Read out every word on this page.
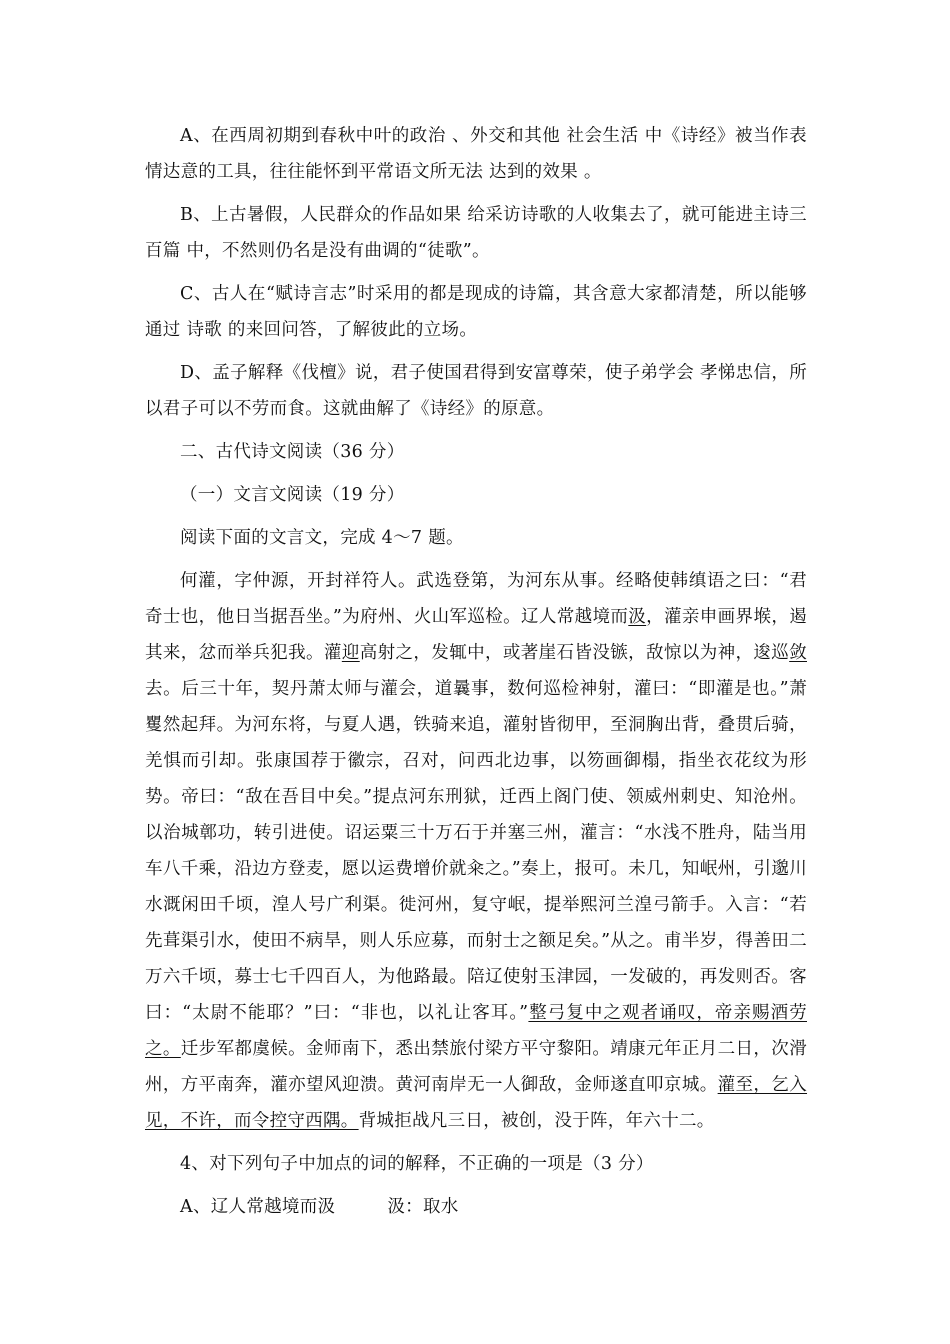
A、在西周初期到春秋中叶的政治 、外交和其他 社会生活 中《诗经》被当作表情达意的工具，往往能怀到平常语文所无法 达到的效果 。

B、上古暑假，人民群众的作品如果 给采访诗歌的人收集去了，就可能进主诗三百篇 中，不然则仍名是没有曲调的“徒歌”。

C、古人在“赋诗言志”时采用的都是现成的诗篇，其含意大家都清楚，所以能够通过 诗歌 的来回问答，了解彼此的立场。

D、孟子解释《伐檀》说，君子使国君得到安富尊荣，使子弟学会 孝悌忠信，所以君子可以不劳而食。这就曲解了《诗经》的原意。

二、古代诗文阅读（36 分）

（一）文言文阅读（19 分）

阅读下面的文言文，完成 4～7 题。

何灌，字仲源，开封祥符人。武选登第，为河东从事。经略使韩缜语之曰：“君奇士也，他日当据吾坐。”为府州、火山军巡检。辽人常越境而汲，灌亲申画界堠，遏其来，忿而举兵犯我。灌迎高射之，发辄中，或著崖石皆没镞，敌惊以为神，逡巡敛去。后三十年，契丹萧太师与灌会，道曩事，数何巡检神射，灌曰：“即灌是也。”萧矍然起拜。为河东将，与夏人遇，铁骑来追，灌射皆彻甲，至洞胸出背，叠贯后骑，羌惧而引却。张康国荐于徽宗，召对，问西北边事，以笏画御榻，指坐衣花纹为形势。帝曰：“敌在吾目中矣。”提点河东刑狱，迁西上阁门使、领威州刺史、知沧州。以治城鄣功，转引进使。诏运粟三十万石于并塞三州，灌言：“水浅不胜舟，陆当用车八千乘，沿边方登麦，愿以运费增价就籴之。”奏上，报可。未几，知岷州，引邈川水溉闲田千顷，湟人号广利渠。徙河州，复守岷，提举熙河兰湟弓箭手。入言：“若先葺渠引水，使田不病旱，则人乐应募，而射士之额足矣。”从之。甫半岁，得善田二万六千顷，募士七千四百人，为他路最。陪辽使射玉津园，一发破的，再发则否。客曰：“太尉不能耶？”曰：“非也，以礼让客耳。”整弓复中之观者诵叹，帝亲赐酒劳之。迁步军都虞候。金师南下，悉出禁旅付梁方平守黎阳。靖康元年正月二日，次滑州，方平南奔，灌亦望风迎溃。黄河南岸无一人御敌，金师遂直叩京城。灌至，乞入见，不许，而令控守西隅。背城拒战凡三日，被创，没于阵，年六十二。

4、对下列句子中加点的词的解释，不正确的一项是（3 分）

A、辽人常越境而汲	汲：取水
